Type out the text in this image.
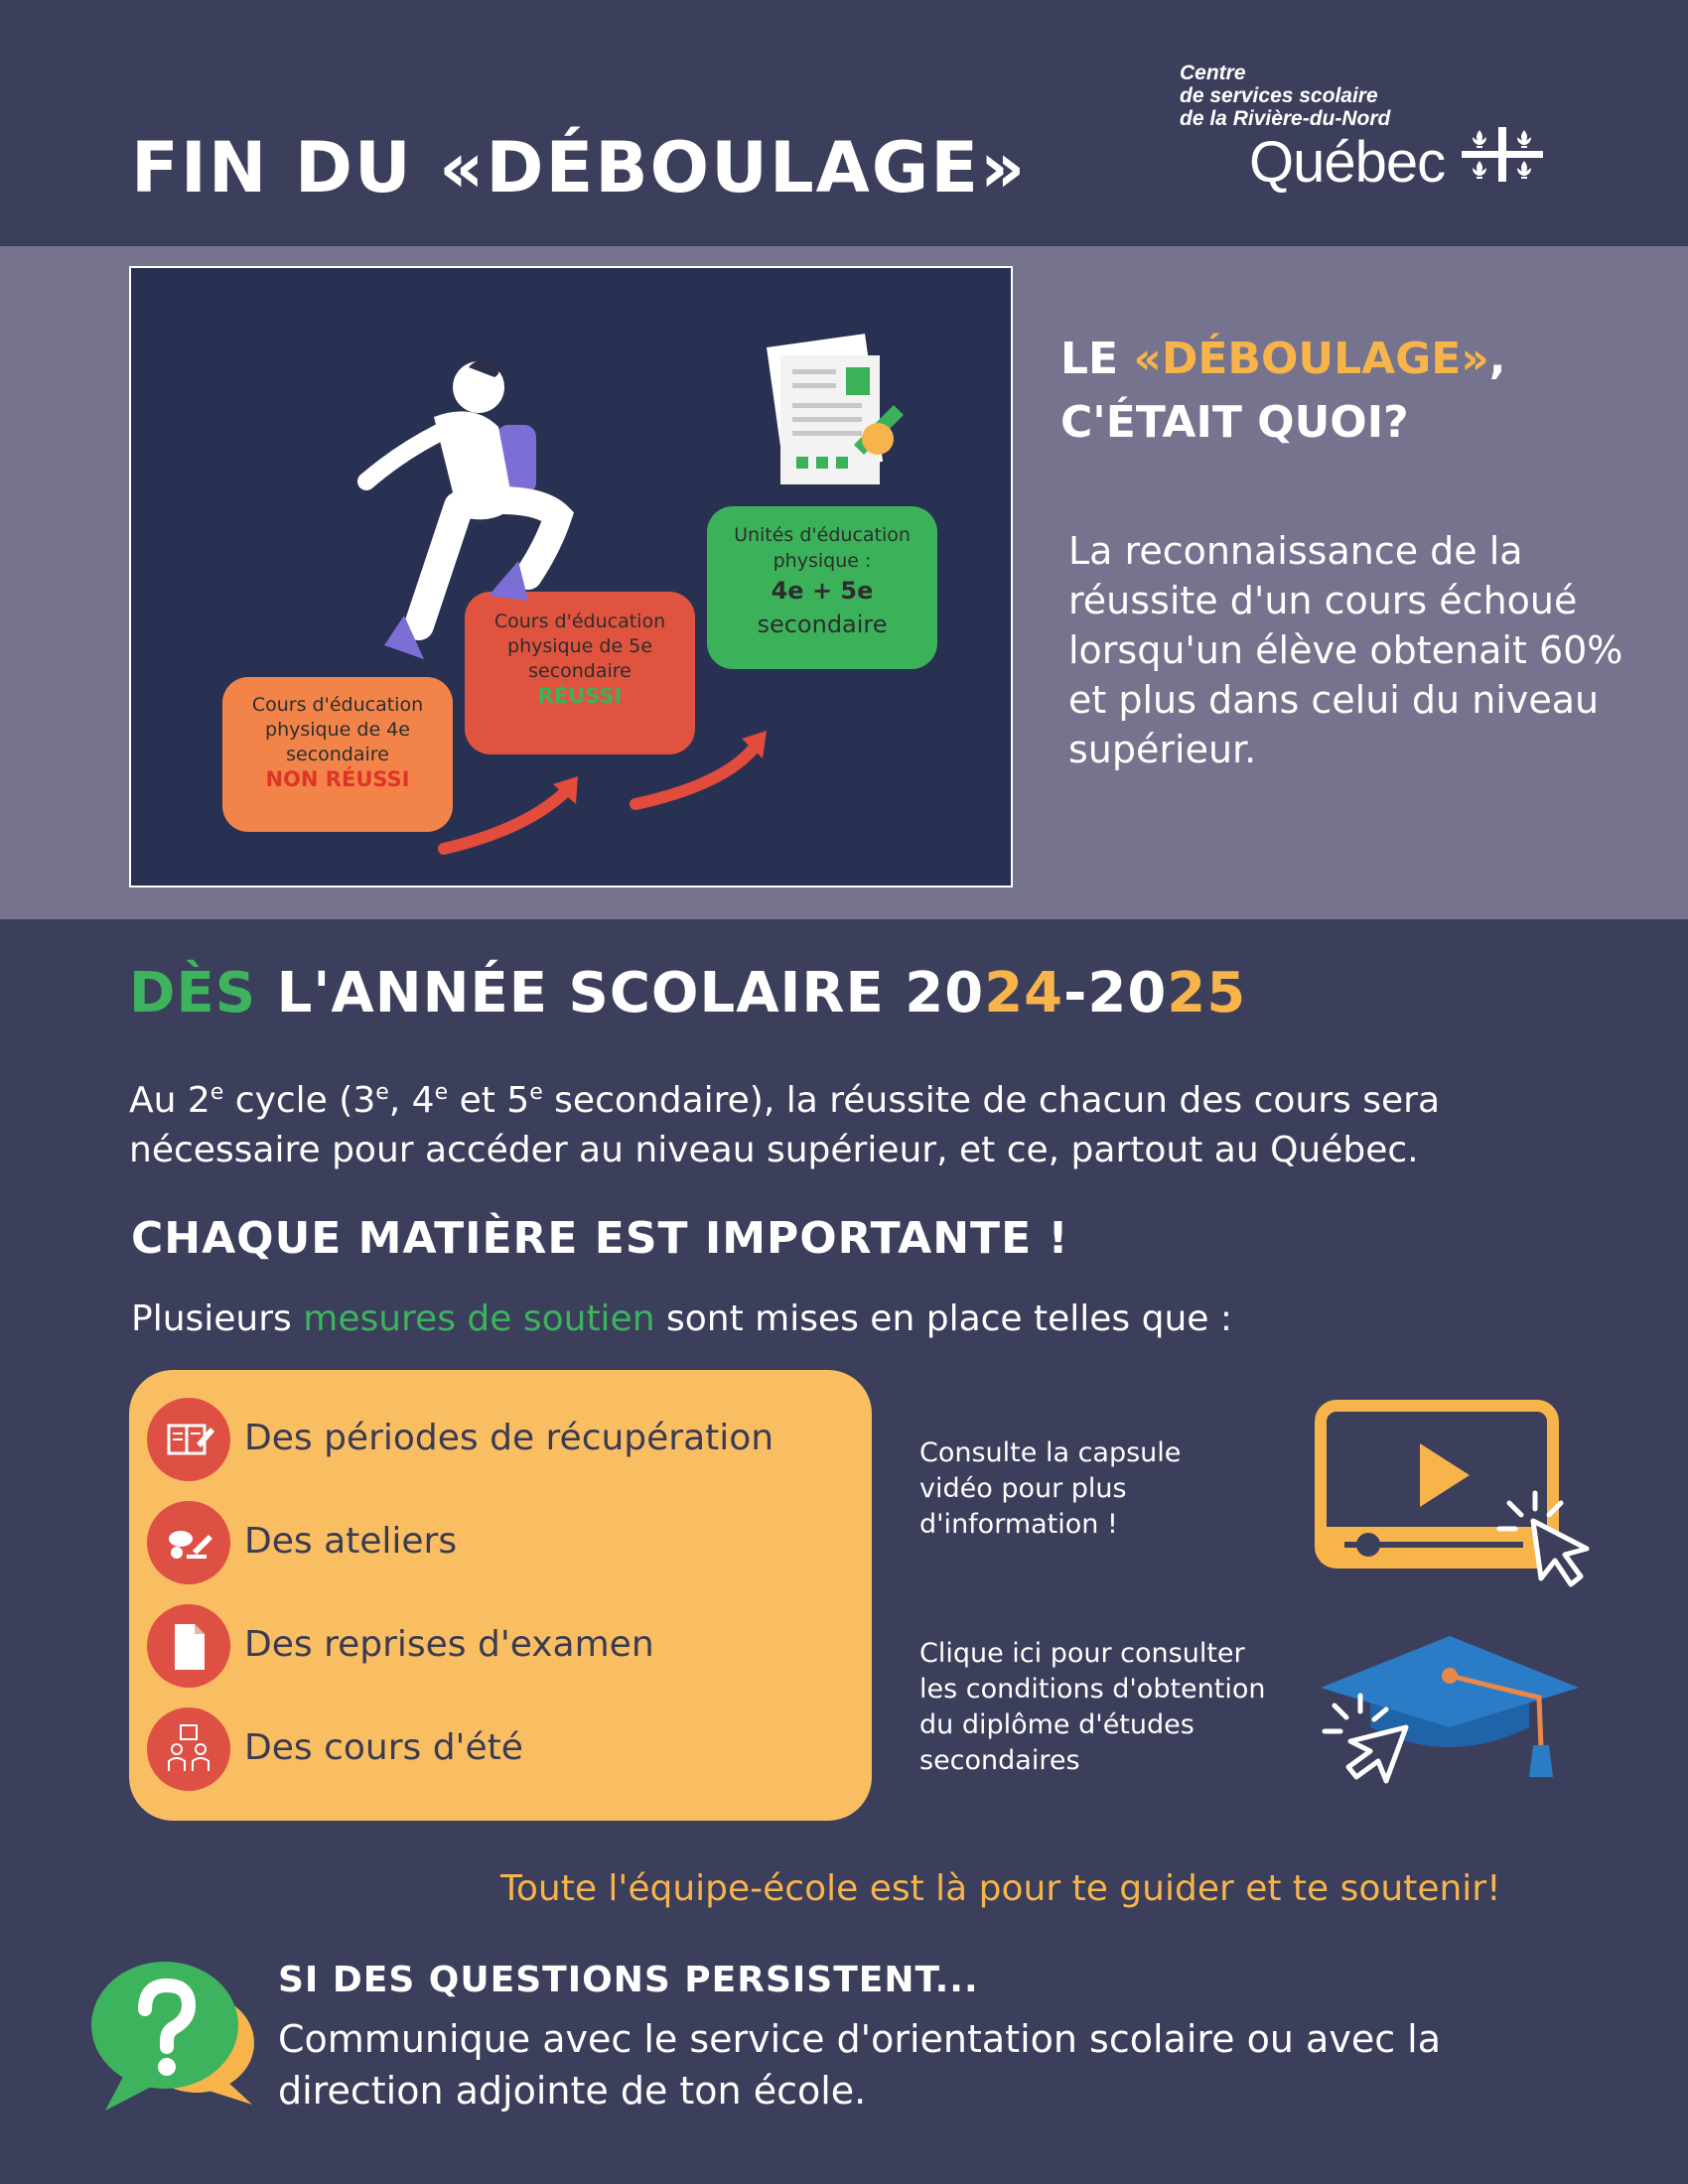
FIN DU «DÉBOULAGE»
Centre
de services scolaire
de la Rivière-du-Nord
Québec
Cours d'éducation
physique de 4e
secondaire
NON RÉUSSI
Cours d'éducation
physique de 5e
secondaire
RÉUSSI
Unités d'éducation
physique :
4e + 5e
secondaire
LE «DÉBOULAGE»,
C'ÉTAIT QUOI?
La reconnaissance de la réussite d'un cours échoué lorsqu'un élève obtenait 60% et plus dans celui du niveau supérieur.
DÈS L'ANNÉE SCOLAIRE 2024-2025
Au 2e cycle (3e, 4e et 5e secondaire), la réussite de chacun des cours sera nécessaire pour accéder au niveau supérieur, et ce, partout au Québec.
CHAQUE MATIÈRE EST IMPORTANTE !
Plusieurs mesures de soutien sont mises en place telles que :
Des périodes de récupération
Des ateliers
Des reprises d'examen
Des cours d'été
Consulte la capsule vidéo pour plus d'information !
Clique ici pour consulter les conditions d'obtention du diplôme d'études secondaires
Toute l'équipe-école est là pour te guider et te soutenir!
SI DES QUESTIONS PERSISTENT...
Communique avec le service d'orientation scolaire ou avec la direction adjointe de ton école.
